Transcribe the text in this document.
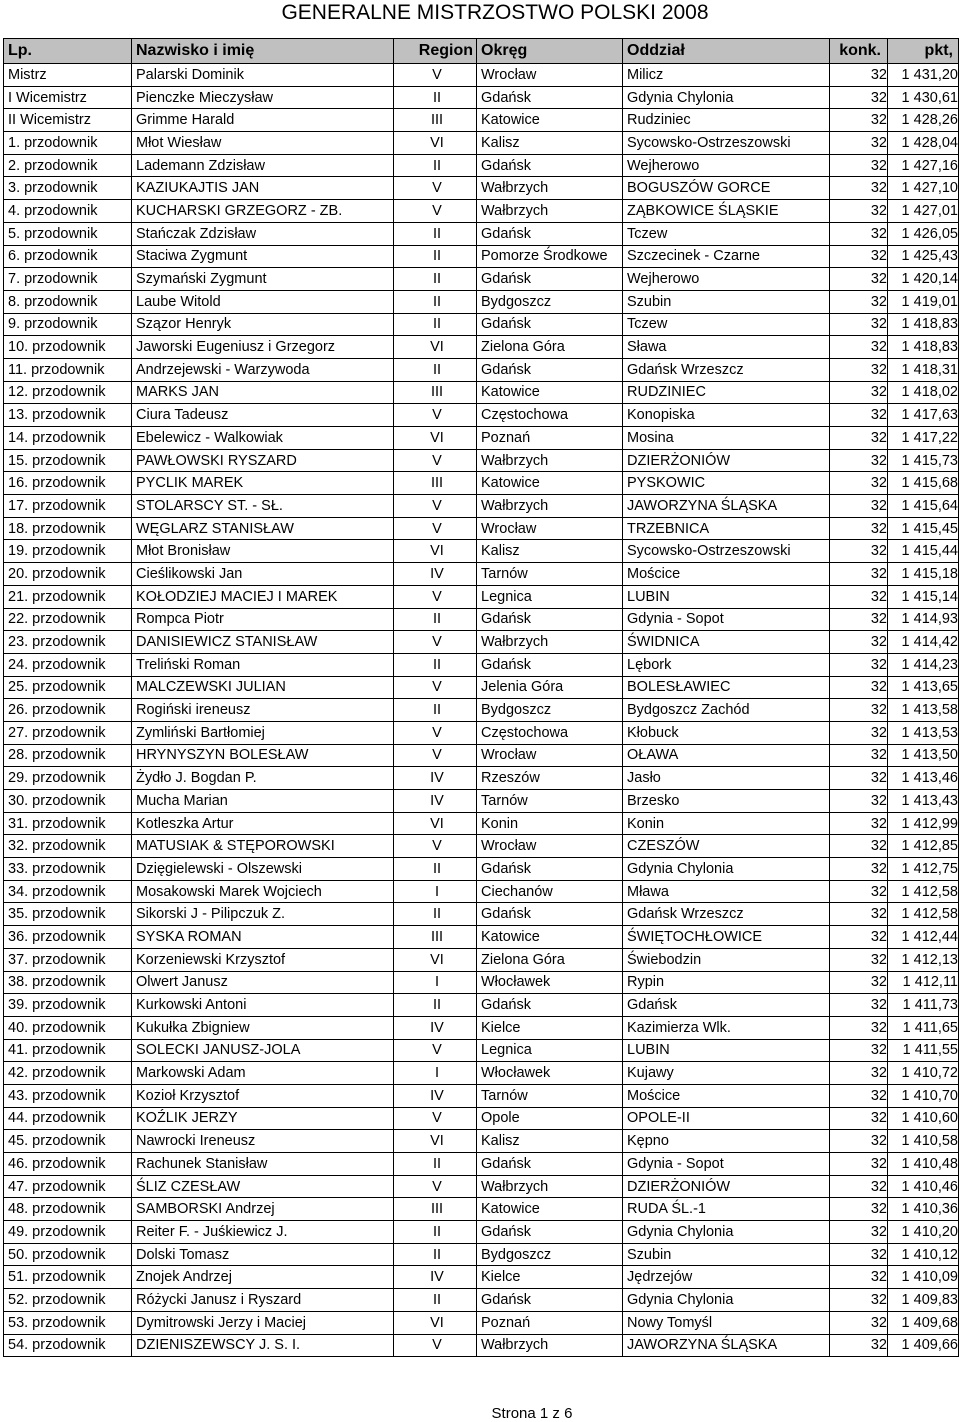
GENERALNE MISTRZOSTWO POLSKI 2008
Lp.	Nazwisko i imię	Region	Okręg	Oddział	konk.	pkt,
Mistrz	Palarski Dominik	V	Wrocław	Milicz	32	1 431,20
I Wicemistrz	Pienczke Mieczysław	II	Gdańsk	Gdynia Chylonia	32	1 430,61
II Wicemistrz	Grimme Harald	III	Katowice	Rudziniec	32	1 428,26
1. przodownik	Młot Wiesław	VI	Kalisz	Sycowsko-Ostrzeszowski	32	1 428,04
2. przodownik	Lademann Zdzisław	II	Gdańsk	Wejherowo	32	1 427,16
3. przodownik	KAZIUKAJTIS JAN	V	Wałbrzych	BOGUSZÓW GORCE	32	1 427,10
4. przodownik	KUCHARSKI GRZEGORZ - ZB.	V	Wałbrzych	ZĄBKOWICE ŚLĄSKIE	32	1 427,01
5. przodownik	Stańczak Zdzisław	II	Gdańsk	Tczew	32	1 426,05
6. przodownik	Staciwa Zygmunt	II	Pomorze Środkowe	Szczecinek - Czarne	32	1 425,43
7. przodownik	Szymański Zygmunt	II	Gdańsk	Wejherowo	32	1 420,14
8. przodownik	Laube Witold	II	Bydgoszcz	Szubin	32	1 419,01
9. przodownik	Szązor Henryk	II	Gdańsk	Tczew	32	1 418,83
10. przodownik	Jaworski Eugeniusz i Grzegorz	VI	Zielona Góra	Sława	32	1 418,83
11. przodownik	Andrzejewski - Warzywoda	II	Gdańsk	Gdańsk Wrzeszcz	32	1 418,31
12. przodownik	MARKS JAN	III	Katowice	RUDZINIEC	32	1 418,02
13. przodownik	Ciura Tadeusz	V	Częstochowa	Konopiska	32	1 417,63
14. przodownik	Ebelewicz - Walkowiak	VI	Poznań	Mosina	32	1 417,22
15. przodownik	PAWŁOWSKI RYSZARD	V	Wałbrzych	DZIERŻONIÓW	32	1 415,73
16. przodownik	PYCLIK MAREK	III	Katowice	PYSKOWIC	32	1 415,68
17. przodownik	STOLARSCY ST. - SŁ.	V	Wałbrzych	JAWORZYNA ŚLĄSKA	32	1 415,64
18. przodownik	WĘGLARZ STANISŁAW	V	Wrocław	TRZEBNICA	32	1 415,45
19. przodownik	Młot Bronisław	VI	Kalisz	Sycowsko-Ostrzeszowski	32	1 415,44
20. przodownik	Cieślikowski Jan	IV	Tarnów	Mościce	32	1 415,18
21. przodownik	KOŁODZIEJ MACIEJ I MAREK	V	Legnica	LUBIN	32	1 415,14
22. przodownik	Rompca Piotr	II	Gdańsk	Gdynia - Sopot	32	1 414,93
23. przodownik	DANISIEWICZ STANISŁAW	V	Wałbrzych	ŚWIDNICA	32	1 414,42
24. przodownik	Treliński Roman	II	Gdańsk	Lębork	32	1 414,23
25. przodownik	MALCZEWSKI JULIAN	V	Jelenia Góra	BOLESŁAWIEC	32	1 413,65
26. przodownik	Rogiński ireneusz	II	Bydgoszcz	Bydgoszcz Zachód	32	1 413,58
27. przodownik	Zymliński Bartłomiej	V	Częstochowa	Kłobuck	32	1 413,53
28. przodownik	HRYNYSZYN BOLESŁAW	V	Wrocław	OŁAWA	32	1 413,50
29. przodownik	Żydło J. Bogdan P.	IV	Rzeszów	Jasło	32	1 413,46
30. przodownik	Mucha Marian	IV	Tarnów	Brzesko	32	1 413,43
31. przodownik	Kotleszka Artur	VI	Konin	Konin	32	1 412,99
32. przodownik	MATUSIAK & STĘPOROWSKI	V	Wrocław	CZESZÓW	32	1 412,85
33. przodownik	Dzięgielewski - Olszewski	II	Gdańsk	Gdynia Chylonia	32	1 412,75
34. przodownik	Mosakowski Marek Wojciech	I	Ciechanów	Mława	32	1 412,58
35. przodownik	Sikorski J - Pilipczuk Z.	II	Gdańsk	Gdańsk Wrzeszcz	32	1 412,58
36. przodownik	SYSKA ROMAN	III	Katowice	ŚWIĘTOCHŁOWICE	32	1 412,44
37. przodownik	Korzeniewski Krzysztof	VI	Zielona Góra	Świebodzin	32	1 412,13
38. przodownik	Olwert Janusz	I	Włocławek	Rypin	32	1 412,11
39. przodownik	Kurkowski Antoni	II	Gdańsk	Gdańsk	32	1 411,73
40. przodownik	Kukułka Zbigniew	IV	Kielce	Kazimierza Wlk.	32	1 411,65
41. przodownik	SOLECKI JANUSZ-JOLA	V	Legnica	LUBIN	32	1 411,55
42. przodownik	Markowski Adam	I	Włocławek	Kujawy	32	1 410,72
43. przodownik	Kozioł Krzysztof	IV	Tarnów	Mościce	32	1 410,70
44. przodownik	KOŹLIK JERZY	V	Opole	OPOLE-II	32	1 410,60
45. przodownik	Nawrocki Ireneusz	VI	Kalisz	Kępno	32	1 410,58
46. przodownik	Rachunek Stanisław	II	Gdańsk	Gdynia - Sopot	32	1 410,48
47. przodownik	ŚLIZ CZESŁAW	V	Wałbrzych	DZIERŻONIÓW	32	1 410,46
48. przodownik	SAMBORSKI Andrzej	III	Katowice	RUDA ŚL.-1	32	1 410,36
49. przodownik	Reiter F. - Juśkiewicz J.	II	Gdańsk	Gdynia Chylonia	32	1 410,20
50. przodownik	Dolski Tomasz	II	Bydgoszcz	Szubin	32	1 410,12
51. przodownik	Znojek Andrzej	IV	Kielce	Jędrzejów	32	1 410,09
52. przodownik	Różycki Janusz i Ryszard	II	Gdańsk	Gdynia Chylonia	32	1 409,83
53. przodownik	Dymitrowski Jerzy i Maciej	VI	Poznań	Nowy Tomyśl	32	1 409,68
54. przodownik	DZIENISZEWSCY J. S. I.	V	Wałbrzych	JAWORZYNA ŚLĄSKA	32	1 409,66
Strona 1 z 6
